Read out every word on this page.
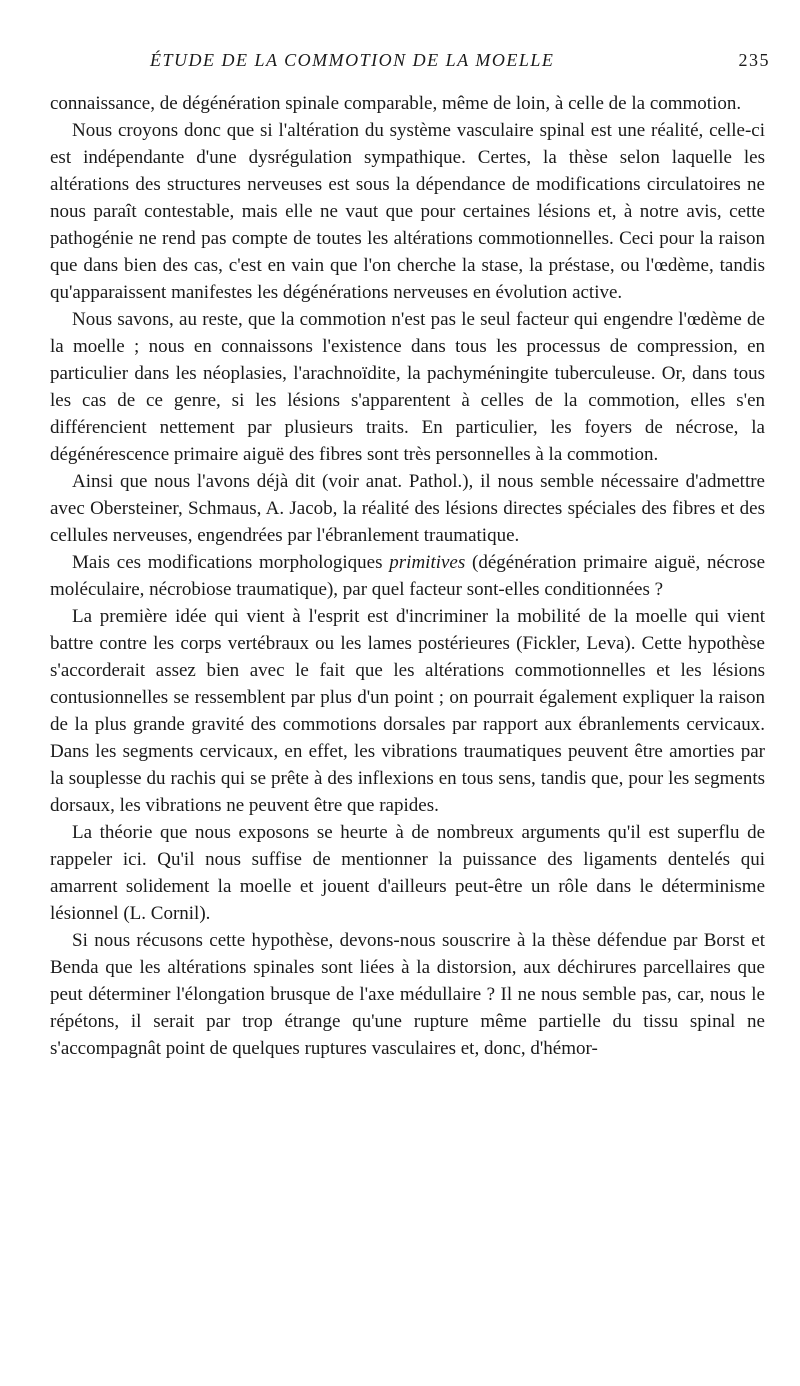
ÉTUDE DE LA COMMOTION DE LA MOELLE	235

connaissance, de dégénération spinale comparable, même de loin, à celle de la commotion.

Nous croyons donc que si l'altération du système vasculaire spinal est une réalité, celle-ci est indépendante d'une dysrégulation sympathique. Certes, la thèse selon laquelle les altérations des structures nerveuses est sous la dépendance de modifications circulatoires ne nous paraît contestable, mais elle ne vaut que pour certaines lésions et, à notre avis, cette pathogénie ne rend pas compte de toutes les altérations commotionnelles. Ceci pour la raison que dans bien des cas, c'est en vain que l'on cherche la stase, la préstase, ou l'œdème, tandis qu'apparaissent manifestes les dégénérations nerveuses en évolution active.

Nous savons, au reste, que la commotion n'est pas le seul facteur qui engendre l'œdème de la moelle ; nous en connaissons l'existence dans tous les processus de compression, en particulier dans les néoplasies, l'arachnoïdite, la pachyméningite tuberculeuse. Or, dans tous les cas de ce genre, si les lésions s'apparentent à celles de la commotion, elles s'en différencient nettement par plusieurs traits. En particulier, les foyers de nécrose, la dégénérescence primaire aiguë des fibres sont très personnelles à la commotion.

Ainsi que nous l'avons déjà dit (voir anat. Pathol.), il nous semble nécessaire d'admettre avec Obersteiner, Schmaus, A. Jacob, la réalité des lésions directes spéciales des fibres et des cellules nerveuses, engendrées par l'ébranlement traumatique.

Mais ces modifications morphologiques primitives (dégénération primaire aiguë, nécrose moléculaire, nécrobiose traumatique), par quel facteur sont-elles conditionnées ?

La première idée qui vient à l'esprit est d'incriminer la mobilité de la moelle qui vient battre contre les corps vertébraux ou les lames postérieures (Fickler, Leva). Cette hypothèse s'accorderait assez bien avec le fait que les altérations commotionnelles et les lésions contusionnelles se ressemblent par plus d'un point ; on pourrait également expliquer la raison de la plus grande gravité des commotions dorsales par rapport aux ébranlements cervicaux. Dans les segments cervicaux, en effet, les vibrations traumatiques peuvent être amorties par la souplesse du rachis qui se prête à des inflexions en tous sens, tandis que, pour les segments dorsaux, les vibrations ne peuvent être que rapides.

La théorie que nous exposons se heurte à de nombreux arguments qu'il est superflu de rappeler ici. Qu'il nous suffise de mentionner la puissance des ligaments dentelés qui amarrent solidement la moelle et jouent d'ailleurs peut-être un rôle dans le déterminisme lésionnel (L. Cornil).

Si nous récusons cette hypothèse, devons-nous souscrire à la thèse défendue par Borst et Benda que les altérations spinales sont liées à la distorsion, aux déchirures parcellaires que peut déterminer l'élongation brusque de l'axe médullaire ? Il ne nous semble pas, car, nous le répétons, il serait par trop étrange qu'une rupture même partielle du tissu spinal ne s'accompagnât point de quelques ruptures vasculaires et, donc, d'hémor-
